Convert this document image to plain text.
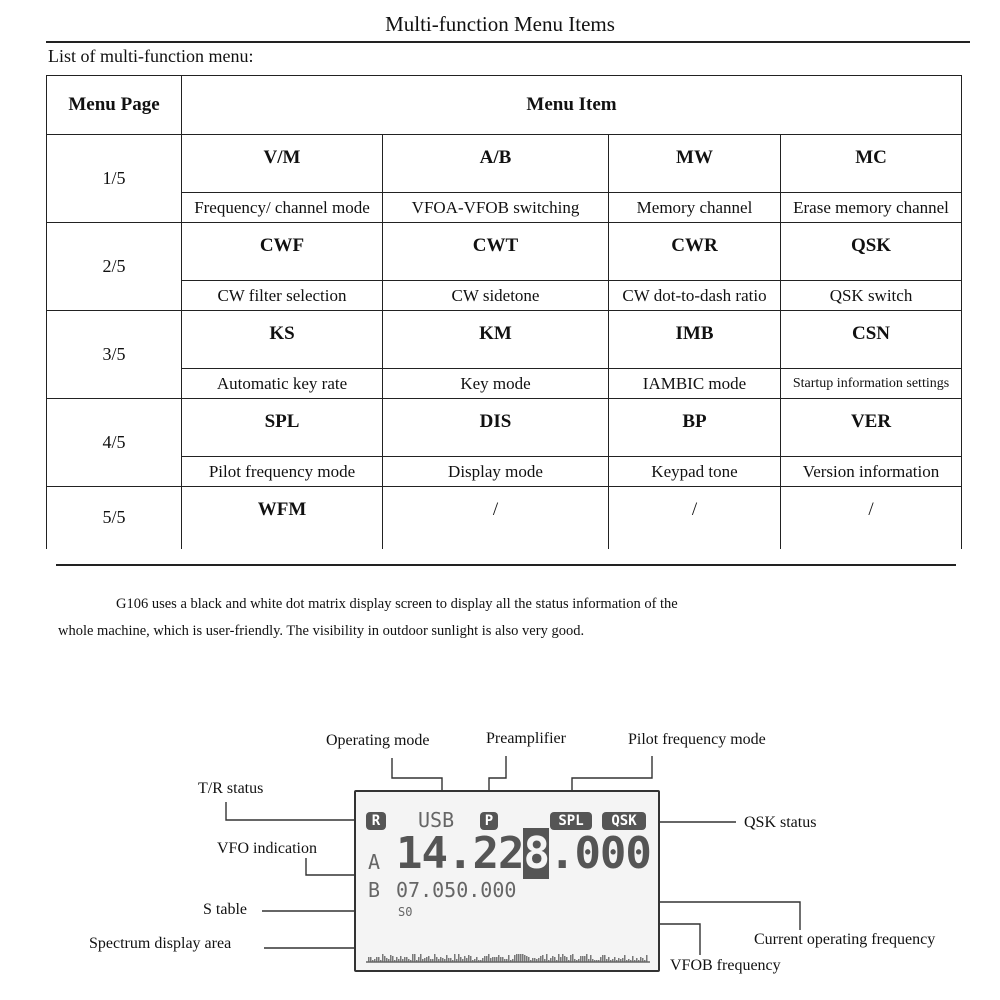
Multi-function Menu Items
List of multi-function menu:
Menu Page	Menu Item			
1/5	V/M	A/B	MW	MC
	Frequency/ channel mode	VFOA-VFOB switching	Memory channel	Erase memory channel
2/5	CWF	CWT	CWR	QSK
	CW filter selection	CW sidetone	CW dot-to-dash ratio	QSK switch
3/5	KS	KM	IMB	CSN
	Automatic key rate	Key mode	IAMBIC mode	Startup information settings
4/5	SPL	DIS	BP	VER
	Pilot frequency mode	Display mode	Keypad tone	Version information
5/5	WFM	/	/	/
G106 uses a black and white dot matrix display screen to display all the status information of the
whole machine, which is user-friendly. The visibility in outdoor sunlight is also very good.
R USB	P	SPL	QSK
A 14.228.000
B 07.050.000
S0
Operating mode	Preamplifier	Pilot frequency mode
T/R status
QSK status
VFO indication
S table
Spectrum display area	Current operating frequency
VFOB frequency
